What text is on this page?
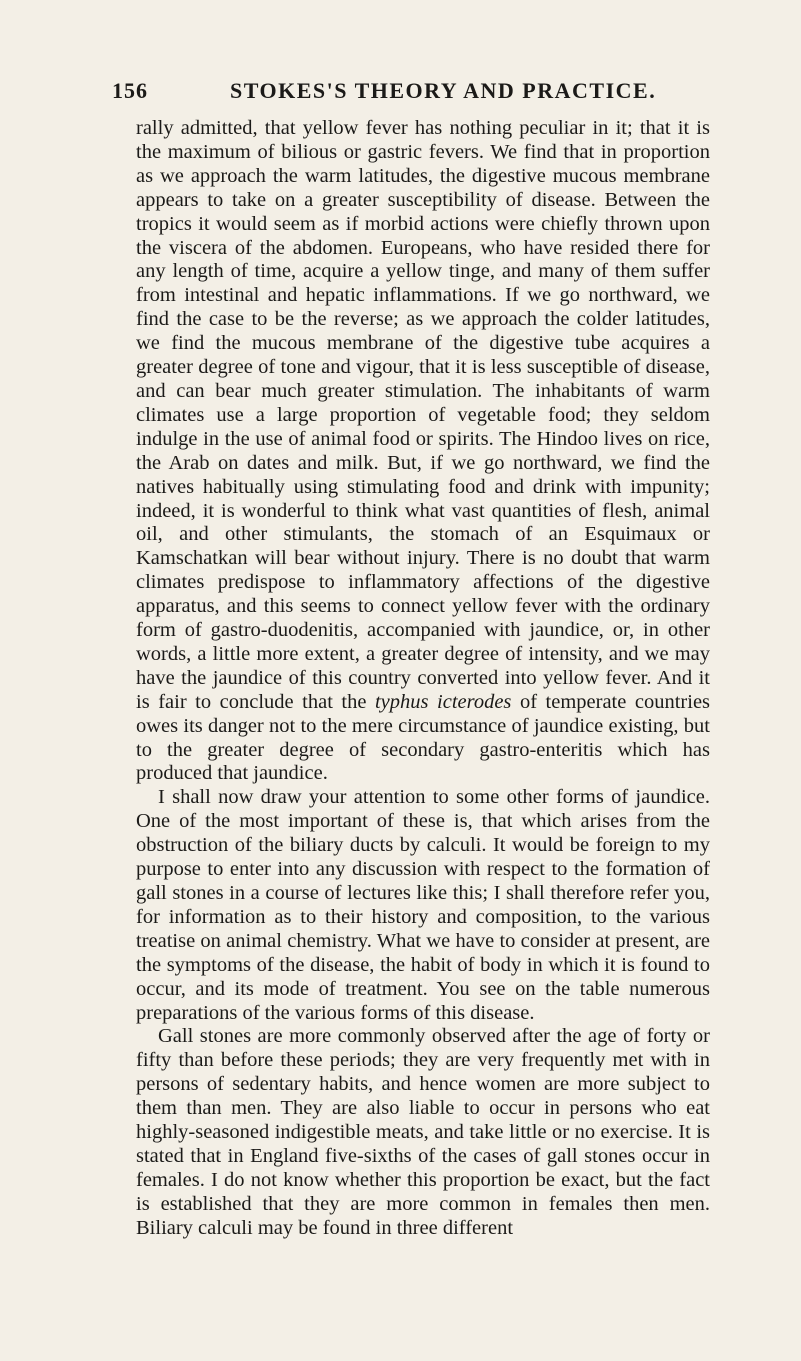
156	STOKES'S THEORY AND PRACTICE.

rally admitted, that yellow fever has nothing peculiar in it; that it is the maximum of bilious or gastric fevers. We find that in proportion as we approach the warm latitudes, the digestive mucous membrane appears to take on a greater susceptibility of disease. Between the tropics it would seem as if morbid actions were chiefly thrown upon the viscera of the abdomen. Europeans, who have resided there for any length of time, acquire a yellow tinge, and many of them suffer from intestinal and hepatic inflammations. If we go northward, we find the case to be the reverse; as we approach the colder latitudes, we find the mucous membrane of the digestive tube acquires a greater degree of tone and vigour, that it is less susceptible of disease, and can bear much greater stimulation. The inhabitants of warm climates use a large proportion of vegetable food; they seldom indulge in the use of animal food or spirits. The Hindoo lives on rice, the Arab on dates and milk. But, if we go northward, we find the natives habitually using stimulating food and drink with impunity; indeed, it is wonderful to think what vast quantities of flesh, animal oil, and other stimulants, the stomach of an Esquimaux or Kamschatkan will bear without injury. There is no doubt that warm climates predispose to inflammatory affections of the digestive apparatus, and this seems to connect yellow fever with the ordinary form of gastro-duodenitis, accompanied with jaundice, or, in other words, a little more extent, a greater degree of intensity, and we may have the jaundice of this country converted into yellow fever. And it is fair to conclude that the typhus icterodes of temperate countries owes its danger not to the mere circumstance of jaundice existing, but to the greater degree of secondary gastro-enteritis which has produced that jaundice.

I shall now draw your attention to some other forms of jaundice. One of the most important of these is, that which arises from the obstruction of the biliary ducts by calculi. It would be foreign to my purpose to enter into any discussion with respect to the formation of gall stones in a course of lectures like this; I shall therefore refer you, for information as to their history and composition, to the various treatise on animal chemistry. What we have to consider at present, are the symptoms of the disease, the habit of body in which it is found to occur, and its mode of treatment. You see on the table numerous preparations of the various forms of this disease.

Gall stones are more commonly observed after the age of forty or fifty than before these periods; they are very frequently met with in persons of sedentary habits, and hence women are more subject to them than men. They are also liable to occur in persons who eat highly-seasoned indigestible meats, and take little or no exercise. It is stated that in England five-sixths of the cases of gall stones occur in females. I do not know whether this proportion be exact, but the fact is established that they are more common in females then men. Biliary calculi may be found in three different
